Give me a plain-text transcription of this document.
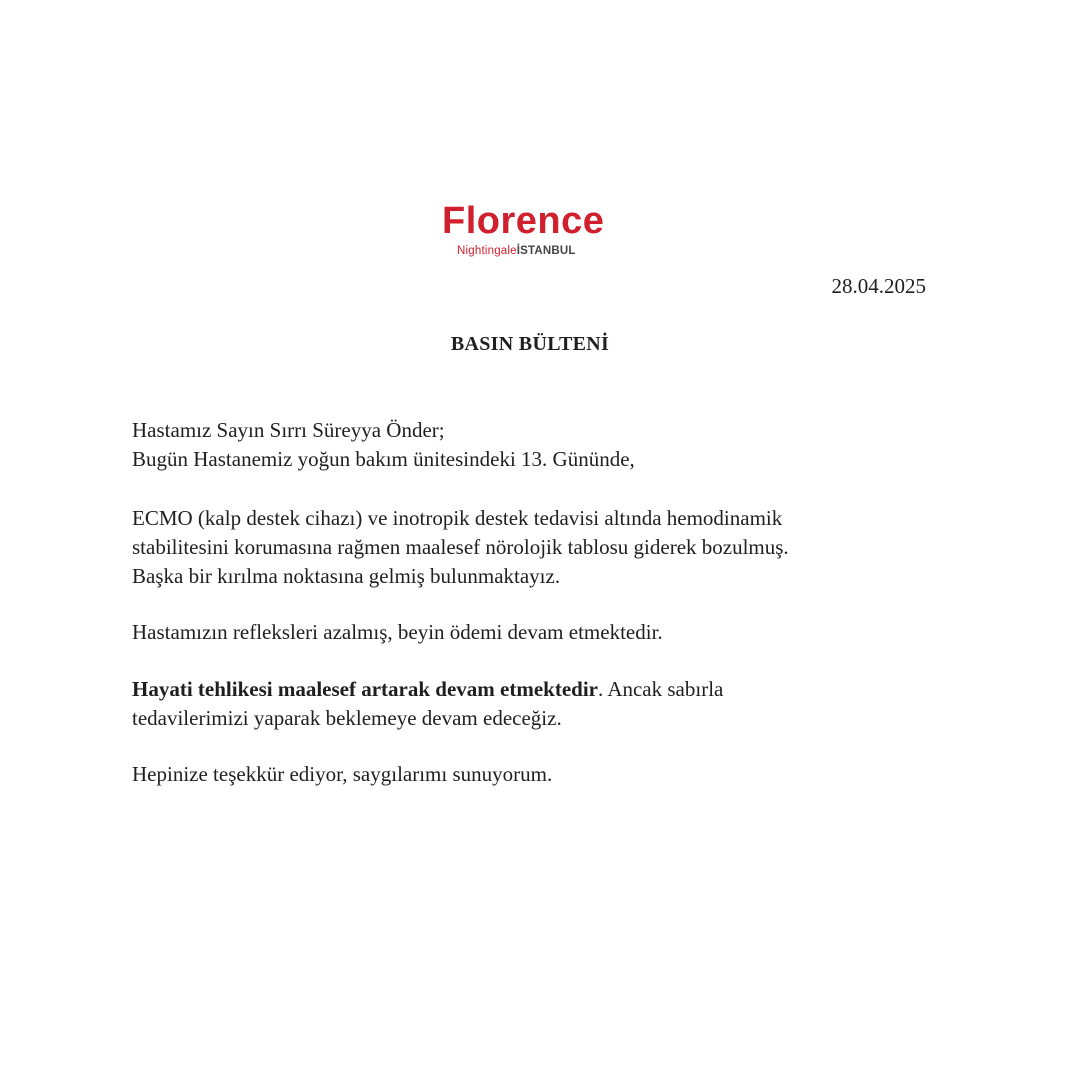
Florence
NightingaleİSTANBUL
28.04.2025
BASIN BÜLTENİ
Hastamız Sayın Sırrı Süreyya Önder;
Bugün Hastanemiz yoğun bakım ünitesindeki 13. Gününde,
ECMO (kalp destek cihazı) ve inotropik destek tedavisi altında hemodinamik
stabilitesini korumasına rağmen maalesef nörolojik tablosu giderek bozulmuş.
Başka bir kırılma noktasına gelmiş bulunmaktayız.
Hastamızın refleksleri azalmış, beyin ödemi devam etmektedir.
Hayati tehlikesi maalesef artarak devam etmektedir. Ancak sabırla
tedavilerimizi yaparak beklemeye devam edeceğiz.
Hepinize teşekkür ediyor, saygılarımı sunuyorum.
